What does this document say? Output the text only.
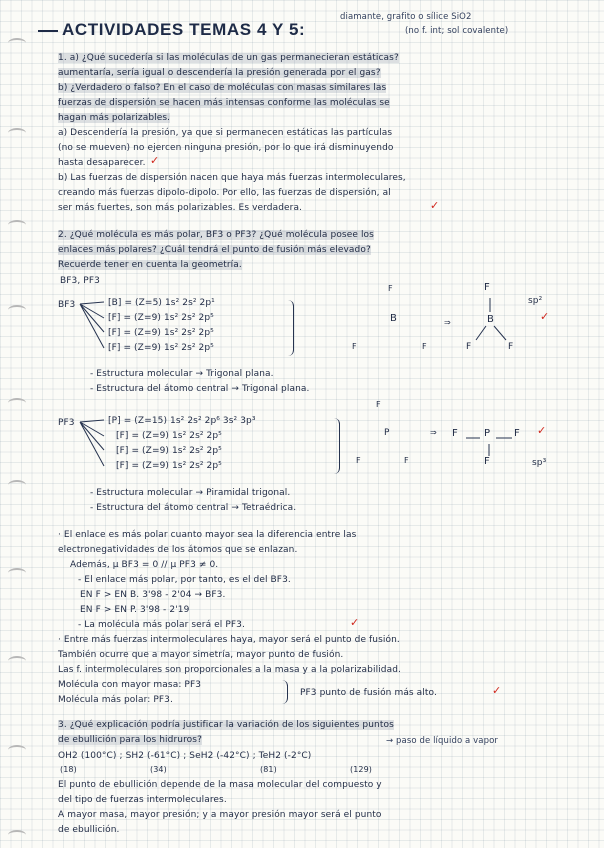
ACTIVIDADES TEMAS 4 Y 5:
diamante, grafito o sílice SiO2
(no f. int; sol covalente)
1. a) ¿Qué sucedería si las moléculas de un gas permanecieran estáticas?
aumentaría, sería igual o descendería la presión generada por el gas?
b) ¿Verdadero o falso? En el caso de moléculas con masas similares las
fuerzas de dispersión se hacen más intensas conforme las moléculas se
hagan más polarizables.
a) Descendería la presión, ya que si permanecen estáticas las partículas
(no se mueven) no ejercen ninguna presión, por lo que irá disminuyendo
hasta desaparecer. ✓
b) Las fuerzas de dispersión nacen que haya más fuerzas intermoleculares,
creando más fuerzas dipolo-dipolo. Por ello, las fuerzas de dispersión, al
ser más fuertes, son más polarizables. Es verdadera.	✓
2. ¿Qué molécula es más polar, BF3 o PF3? ¿Qué molécula posee los
enlaces más polares? ¿Cuál tendrá el punto de fusión más elevado?
Recuerde tener en cuenta la geometría.
BF3, PF3
BF3	[B] = (Z=5) 1s² 2s² 2p¹
[F] = (Z=9) 1s² 2s² 2p⁵
[F] = (Z=9) 1s² 2s² 2p⁵
[F] = (Z=9) 1s² 2s² 2p⁵
F
B
F	F
⇒
F
B
F	F
sp²
✓
- Estructura molecular → Trigonal plana.
- Estructura del átomo central → Trigonal plana.
PF3	[P] = (Z=15) 1s² 2s² 2p⁶ 3s² 3p³
[F] = (Z=9) 1s² 2s² 2p⁵
[F] = (Z=9) 1s² 2s² 2p⁵
[F] = (Z=9) 1s² 2s² 2p⁵
F
P
F	F
⇒ F	P F
F	sp³
✓
- Estructura molecular → Piramidal trigonal.
- Estructura del átomo central → Tetraédrica.
· El enlace es más polar cuanto mayor sea la diferencia entre las
electronegatividades de los átomos que se enlazan.
Además, μ BF3 = 0 // μ PF3 ≠ 0.
- El enlace más polar, por tanto, es el del BF3.
EN F > EN B. 3'98 - 2'04 → BF3.
EN F > EN P. 3'98 - 2'19
- La molécula más polar será el PF3.	✓
· Entre más fuerzas intermoleculares haya, mayor será el punto de fusión.
También ocurre que a mayor simetría, mayor punto de fusión.
Las f. intermoleculares son proporcionales a la masa y a la polarizabilidad.
Molécula con mayor masa: PF3
Molécula más polar: PF3.
PF3 punto de fusión más alto.	✓
3. ¿Qué explicación podría justificar la variación de los siguientes puntos
de ebullición para los hidruros?	→ paso de líquido a vapor
OH2 (100°C) ; SH2 (-61°C) ; SeH2 (-42°C) ; TeH2 (-2°C)
(18)	(34)	(81)	(129)
El punto de ebullición depende de la masa molecular del compuesto y
del tipo de fuerzas intermoleculares.
A mayor masa, mayor presión; y a mayor presión mayor será el punto
de ebullición.
